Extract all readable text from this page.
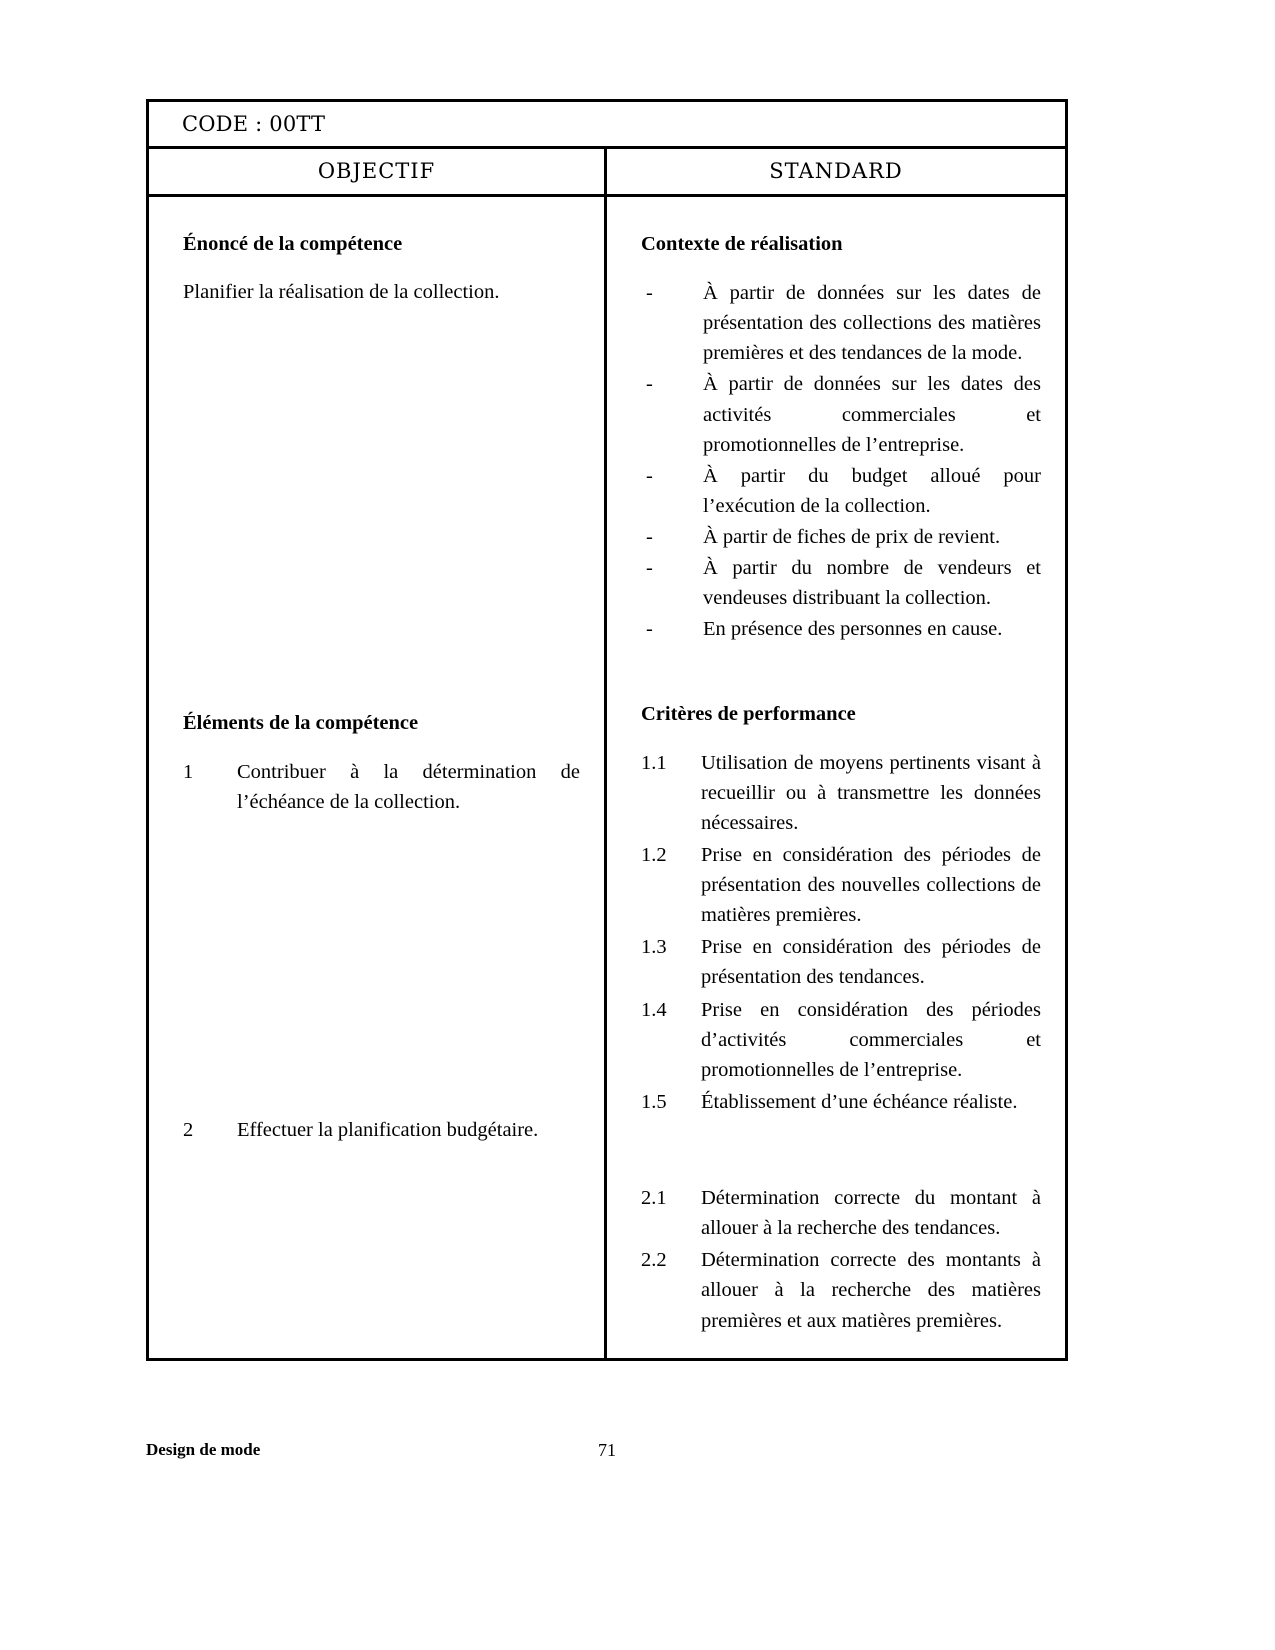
CODE : 00TT
OBJECTIF	STANDARD

Énoncé de la compétence

Planifier la réalisation de la collection.

Éléments de la compétence

1 Contribuer à la détermination de l’échéance de la collection.
2 Effectuer la planification budgétaire.

Contexte de réalisation

- À partir de données sur les dates de présentation des collections des matières premières et des tendances de la mode.
- À partir de données sur les dates des activités commerciales et promotionnelles de l’entreprise.
- À partir du budget alloué pour l’exécution de la collection.
- À partir de fiches de prix de revient.
- À partir du nombre de vendeurs et vendeuses distribuant la collection.
- En présence des personnes en cause.

Critères de performance

1.1 Utilisation de moyens pertinents visant à recueillir ou à transmettre les données nécessaires.
1.2 Prise en considération des périodes de présentation des nouvelles collections de matières premières.
1.3 Prise en considération des périodes de présentation des tendances.
1.4 Prise en considération des périodes d’activités commerciales et promotionnelles de l’entreprise.
1.5 Établissement d’une échéance réaliste.
2.1 Détermination correcte du montant à allouer à la recherche des tendances.
2.2 Détermination correcte des montants à allouer à la recherche des matières premières et aux matières premières.
Design de mode	71
